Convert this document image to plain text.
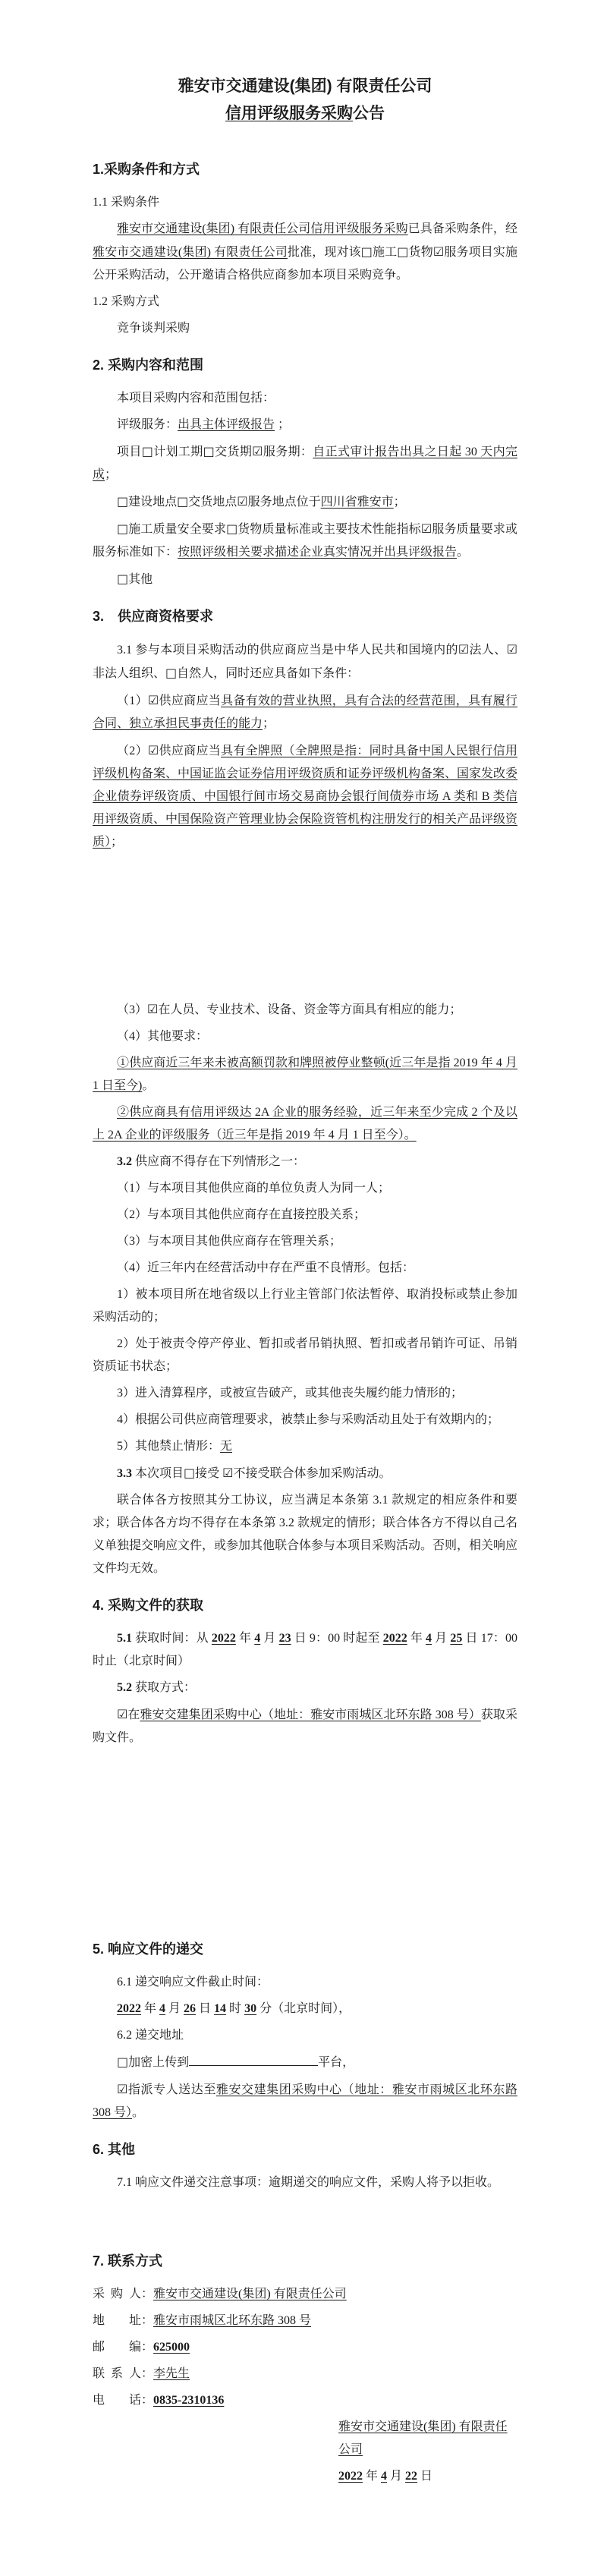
雅安市交通建设(集团) 有限责任公司
信用评级服务采购公告
1.采购条件和方式
1.1 采购条件
雅安市交通建设(集团) 有限责任公司信用评级服务采购已具备采购条件，经雅安市交通建设(集团) 有限责任公司批准，现对该□施工□货物☑服务项目实施公开采购活动，公开邀请合格供应商参加本项目采购竞争。
1.2 采购方式
竞争谈判采购
2. 采购内容和范围
本项目采购内容和范围包括：
评级服务：出具主体评级报告 ；
项目□计划工期□交货期☑服务期：自正式审计报告出具之日起 30 天内完成；
□建设地点□交货地点☑服务地点位于四川省雅安市；
□施工质量安全要求□货物质量标准或主要技术性能指标☑服务质量要求或服务标准如下：按照评级相关要求描述企业真实情况并出具评级报告。
□其他
3.　供应商资格要求
3.1 参与本项目采购活动的供应商应当是中华人民共和国境内的☑法人、☑非法人组织、□自然人，同时还应具备如下条件：
（1）☑供应商应当具备有效的营业执照，具有合法的经营范围，具有履行合同、独立承担民事责任的能力；
（2）☑供应商应当具有全牌照（全牌照是指：同时具备中国人民银行信用评级机构备案、中国证监会证券信用评级资质和证券评级机构备案、国家发改委企业债券评级资质、中国银行间市场交易商协会银行间债券市场 A 类和 B 类信用评级资质、中国保险资产管理业协会保险资管机构注册发行的相关产品评级资质）；
（3）☑在人员、专业技术、设备、资金等方面具有相应的能力；
（4）其他要求：
①供应商近三年来未被高额罚款和牌照被停业整顿(近三年是指 2019 年 4 月 1 日至今)。
②供应商具有信用评级达 2A 企业的服务经验，近三年来至少完成 2 个及以上 2A 企业的评级服务（近三年是指 2019 年 4 月 1 日至今）。
3.2 供应商不得存在下列情形之一：
（1）与本项目其他供应商的单位负责人为同一人；
（2）与本项目其他供应商存在直接控股关系；
（3）与本项目其他供应商存在管理关系；
（4）近三年内在经营活动中存在严重不良情形。包括：
1）被本项目所在地省级以上行业主管部门依法暂停、取消投标或禁止参加采购活动的；
2）处于被责令停产停业、暂扣或者吊销执照、暂扣或者吊销许可证、吊销资质证书状态；
3）进入清算程序，或被宣告破产，或其他丧失履约能力情形的；
4）根据公司供应商管理要求，被禁止参与采购活动且处于有效期内的；
5）其他禁止情形：无
3.3 本次项目□接受 ☑不接受联合体参加采购活动。
联合体各方按照其分工协议，应当满足本条第 3.1 款规定的相应条件和要求；联合体各方均不得存在本条第 3.2 款规定的情形；联合体各方不得以自己名义单独提交响应文件，或参加其他联合体参与本项目采购活动。否则，相关响应文件均无效。
4. 采购文件的获取
5.1 获取时间：从 2022 年 4 月 23 日 9：00 时起至 2022 年 4 月 25 日 17：00 时止（北京时间）
5.2 获取方式：
☑在雅安交建集团采购中心（地址：雅安市雨城区北环东路 308 号）获取采购文件。
5. 响应文件的递交
6.1 递交响应文件截止时间：
2022 年 4 月 26 日 14 时 30 分（北京时间），
6.2 递交地址
□加密上传到	平台，
☑指派专人送达至雅安交建集团采购中心（地址：雅安市雨城区北环东路 308 号）。
6. 其他
7.1 响应文件递交注意事项：逾期递交的响应文件，采购人将予以拒收。
7. 联系方式
采购人：雅安市交通建设(集团) 有限责任公司
地址：雅安市雨城区北环东路 308 号
邮编：625000
联系人：李先生
电话：0835-2310136
雅安市交通建设(集团) 有限责任公司
2022 年 4 月 22 日
